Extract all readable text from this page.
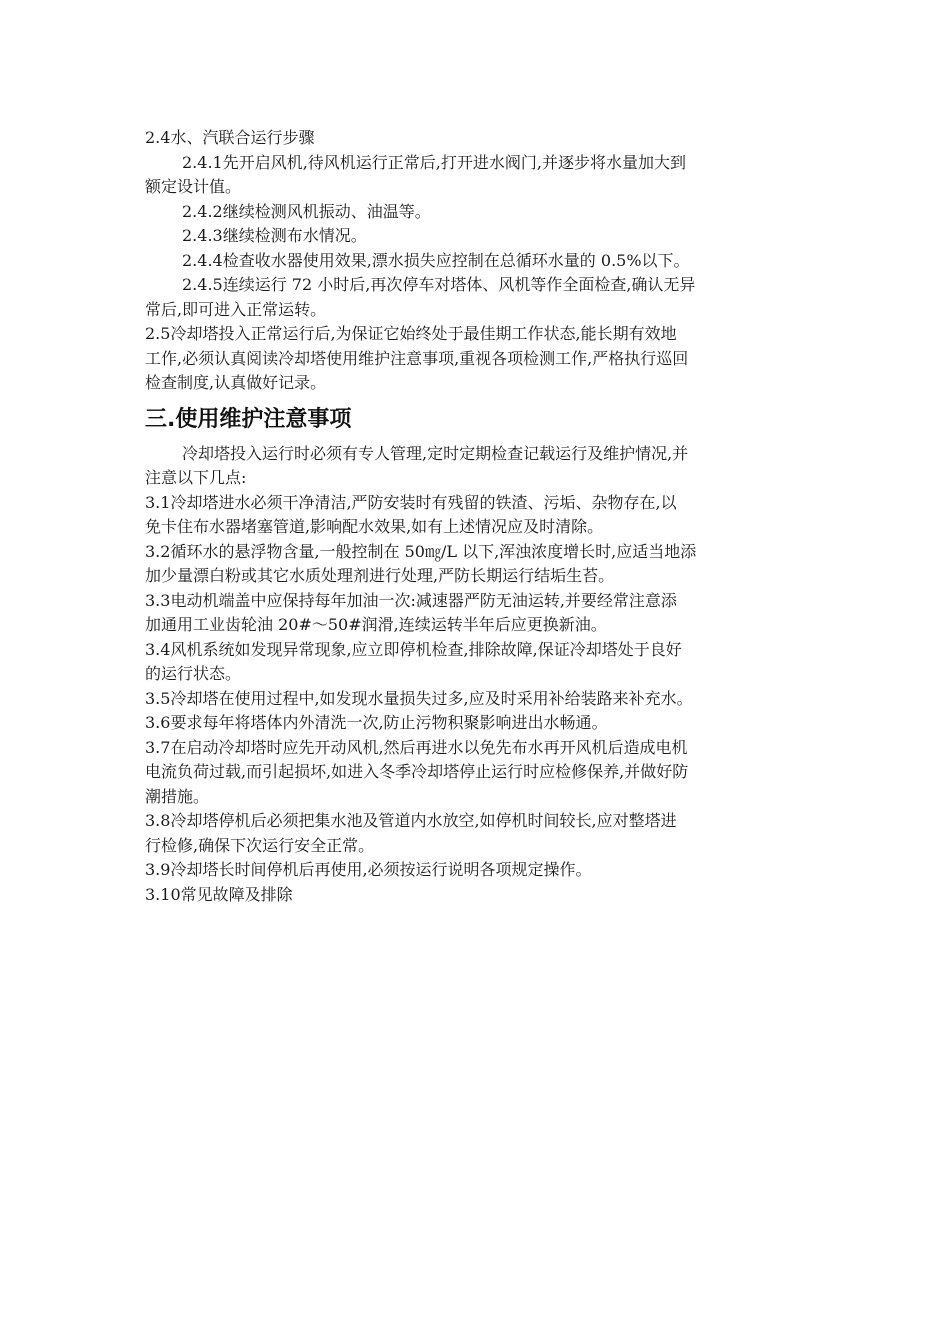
2.4水、汽联合运行步骤
2.4.1先开启风机,待风机运行正常后,打开进水阀门,并逐步将水量加大到
额定设计值。
2.4.2继续检测风机振动、油温等。
2.4.3继续检测布水情况。
2.4.4检查收水器使用效果,漂水损失应控制在总循环水量的 0.5%以下。
2.4.5连续运行 72 小时后,再次停车对塔体、风机等作全面检查,确认无异
常后,即可进入正常运转。
2.5冷却塔投入正常运行后,为保证它始终处于最佳期工作状态,能长期有效地
工作,必须认真阅读冷却塔使用维护注意事项,重视各项检测工作,严格执行巡回
检查制度,认真做好记录。
三.使用维护注意事项
冷却塔投入运行时必须有专人管理,定时定期检查记载运行及维护情况,并
注意以下几点:
3.1冷却塔进水必须干净清洁,严防安装时有残留的铁渣、污垢、杂物存在,以
免卡住布水器堵塞管道,影响配水效果,如有上述情况应及时清除。
3.2循环水的悬浮物含量,一般控制在 50㎎/L 以下,浑浊浓度增长时,应适当地添
加少量漂白粉或其它水质处理剂进行处理,严防长期运行结垢生苔。
3.3电动机端盖中应保持每年加油一次:减速器严防无油运转,并要经常注意添
加通用工业齿轮油 20#～50#润滑,连续运转半年后应更换新油。
3.4风机系统如发现异常现象,应立即停机检查,排除故障,保证冷却塔处于良好
的运行状态。
3.5冷却塔在使用过程中,如发现水量损失过多,应及时采用补给装路来补充水。
3.6要求每年将塔体内外清洗一次,防止污物积聚影响进出水畅通。
3.7在启动冷却塔时应先开动风机,然后再进水以免先布水再开风机后造成电机
电流负荷过载,而引起损坏,如进入冬季冷却塔停止运行时应检修保养,并做好防
潮措施。
3.8冷却塔停机后必须把集水池及管道内水放空,如停机时间较长,应对整塔进
行检修,确保下次运行安全正常。
3.9冷却塔长时间停机后再使用,必须按运行说明各项规定操作。
3.10常见故障及排除
